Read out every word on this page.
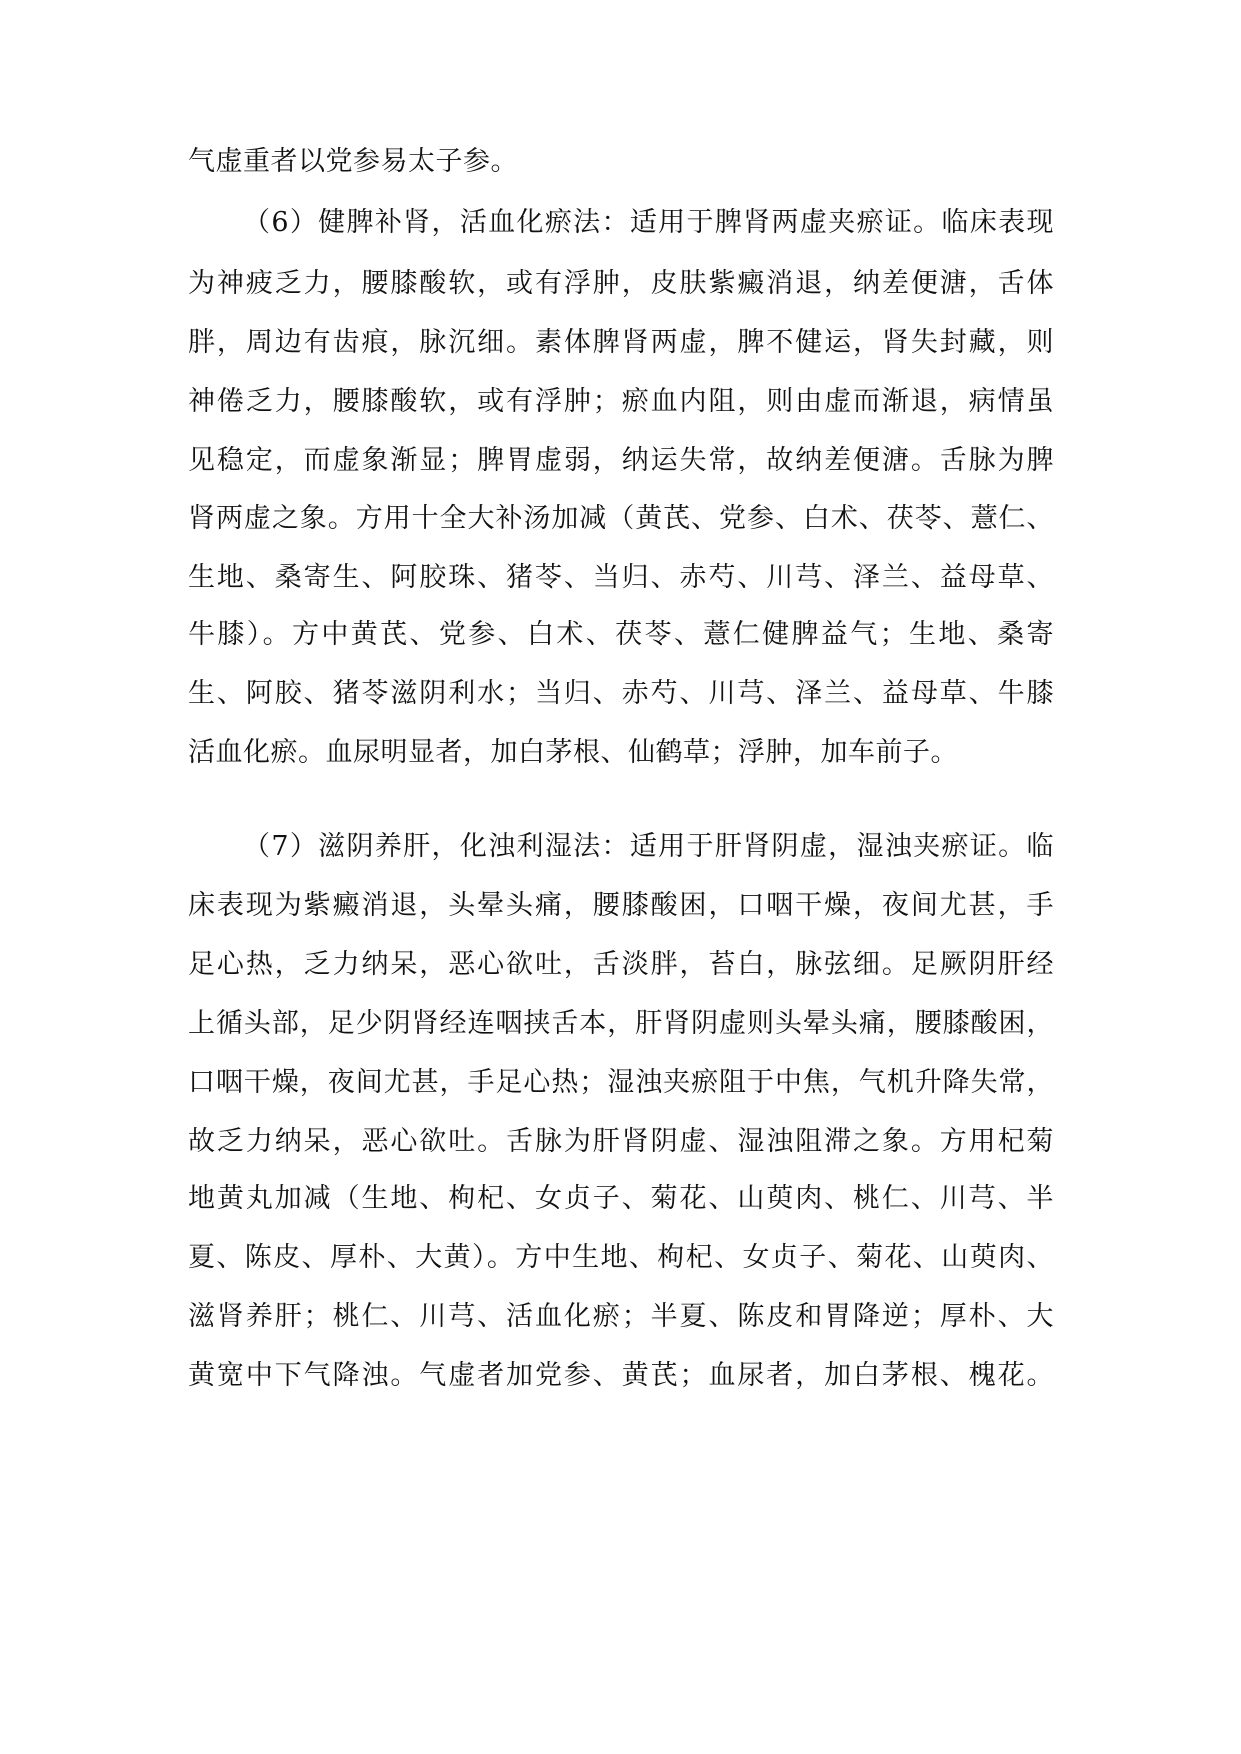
气虚重者以党参易太子参。
（6）健脾补肾，活血化瘀法：适用于脾肾两虚夹瘀证。临床表现
为神疲乏力，腰膝酸软，或有浮肿，皮肤紫癜消退，纳差便溏，舌体
胖，周边有齿痕，脉沉细。素体脾肾两虚，脾不健运，肾失封藏，则
神倦乏力，腰膝酸软，或有浮肿；瘀血内阻，则由虚而渐退，病情虽
见稳定，而虚象渐显；脾胃虚弱，纳运失常，故纳差便溏。舌脉为脾
肾两虚之象。方用十全大补汤加减（黄芪、党参、白术、茯苓、薏仁、
生地、桑寄生、阿胶珠、猪苓、当归、赤芍、川芎、泽兰、益母草、
牛膝）。方中黄芪、党参、白术、茯苓、薏仁健脾益气；生地、桑寄
生、阿胶、猪苓滋阴利水；当归、赤芍、川芎、泽兰、益母草、牛膝
活血化瘀。血尿明显者，加白茅根、仙鹤草；浮肿，加车前子。
（7）滋阴养肝，化浊利湿法：适用于肝肾阴虚，湿浊夹瘀证。临
床表现为紫癜消退，头晕头痛，腰膝酸困，口咽干燥，夜间尤甚，手
足心热，乏力纳呆，恶心欲吐，舌淡胖，苔白，脉弦细。足厥阴肝经
上循头部，足少阴肾经连咽挟舌本，肝肾阴虚则头晕头痛，腰膝酸困，
口咽干燥，夜间尤甚，手足心热；湿浊夹瘀阻于中焦，气机升降失常，
故乏力纳呆，恶心欲吐。舌脉为肝肾阴虚、湿浊阻滞之象。方用杞菊
地黄丸加减（生地、枸杞、女贞子、菊花、山萸肉、桃仁、川芎、半
夏、陈皮、厚朴、大黄）。方中生地、枸杞、女贞子、菊花、山萸肉、
滋肾养肝；桃仁、川芎、活血化瘀；半夏、陈皮和胃降逆；厚朴、大
黄宽中下气降浊。气虚者加党参、黄芪；血尿者，加白茅根、槐花。
